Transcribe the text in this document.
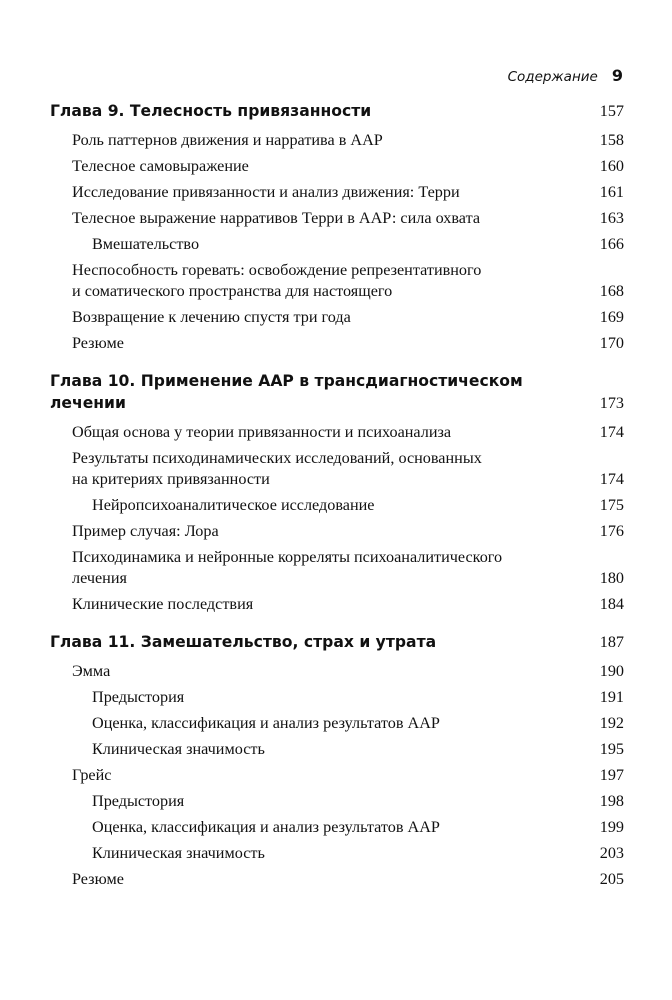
Содержание 9
Глава 9. Телесность привязанности	157
Роль паттернов движения и нарратива в ААР	158
Телесное самовыражение	160
Исследование привязанности и анализ движения: Терри	161
Телесное выражение нарративов Терри в ААР: сила охвата	163
Вмешательство	166
Неспособность горевать: освобождение репрезентативного
и соматического пространства для настоящего	168
Возвращение к лечению спустя три года	169
Резюме	170
Глава 10. Применение ААР в трансдиагностическом
лечении	173
Общая основа у теории привязанности и психоанализа	174
Результаты психодинамических исследований, основанных
на критериях привязанности	174
Нейропсихоаналитическое исследование	175
Пример случая: Лора	176
Психодинамика и нейронные корреляты психоаналитического
лечения	180
Клинические последствия	184
Глава 11. Замешательство, страх и утрата	187
Эмма	190
Предыстория	191
Оценка, классификация и анализ результатов ААР	192
Клиническая значимость	195
Грейс	197
Предыстория	198
Оценка, классификация и анализ результатов ААР	199
Клиническая значимость	203
Резюме	205
